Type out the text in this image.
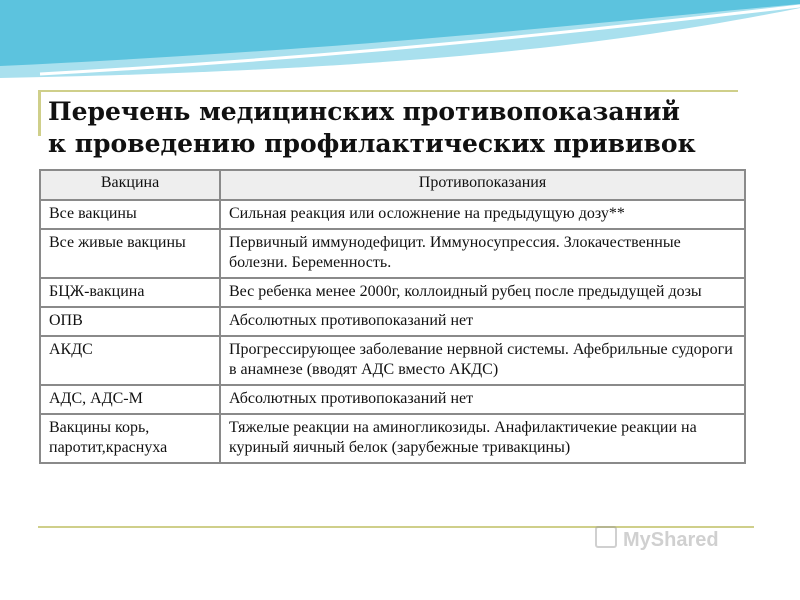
Перечень медицинских противопоказаний
к проведению профилактических прививок
Вакцина	Противопоказания
Все вакцины	Сильная реакция или осложнение на предыдущую дозу**
Все живые вакцины	Первичный иммунодефицит. Иммуносупрессия. Злокачественные болезни. Беременность.
БЦЖ-вакцина	Вес ребенка менее 2000г, коллоидный рубец после предыдущей дозы
ОПВ	Абсолютных противопоказаний нет
АКДС	Прогрессирующее заболевание нервной системы. Афебрильные судороги в анамнезе (вводят АДС вместо АКДС)
АДС, АДС-М	Абсолютных противопоказаний нет
Вакцины корь, паротит,краснуха	Тяжелые реакции на аминогликозиды. Анафилактичекие реакции на куриный яичный белок (зарубежные тривакцины)
MyShared
